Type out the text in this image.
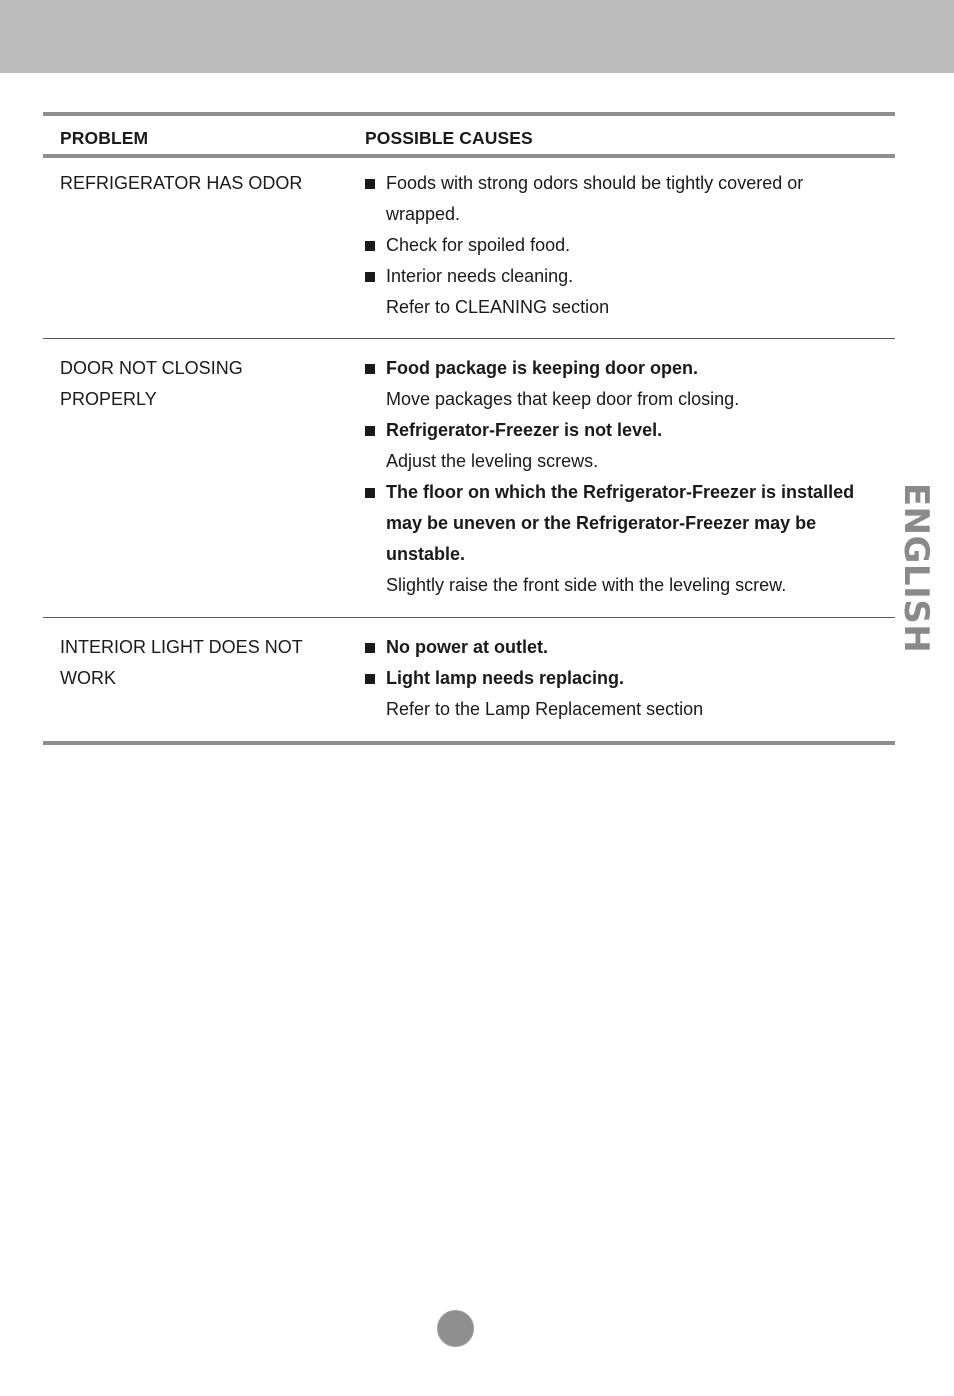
PROBLEM	POSSIBLE CAUSES
REFRIGERATOR HAS ODOR	Foods with strong odors should be tightly covered or
wrapped.
Check for spoiled food.
Interior needs cleaning.
Refer to CLEANING section
DOOR NOT CLOSING
PROPERLY
Food package is keeping door open.
Move packages that keep door from closing.
Refrigerator-Freezer is not level.
Adjust the leveling screws.
The floor on which the Refrigerator-Freezer is installed
may be uneven or the Refrigerator-Freezer may be
unstable.
Slightly raise the front side with the leveling screw.
INTERIOR LIGHT DOES NOT
WORK
No power at outlet.
Light lamp needs replacing.
Refer to the Lamp Replacement section
ENGLISH
